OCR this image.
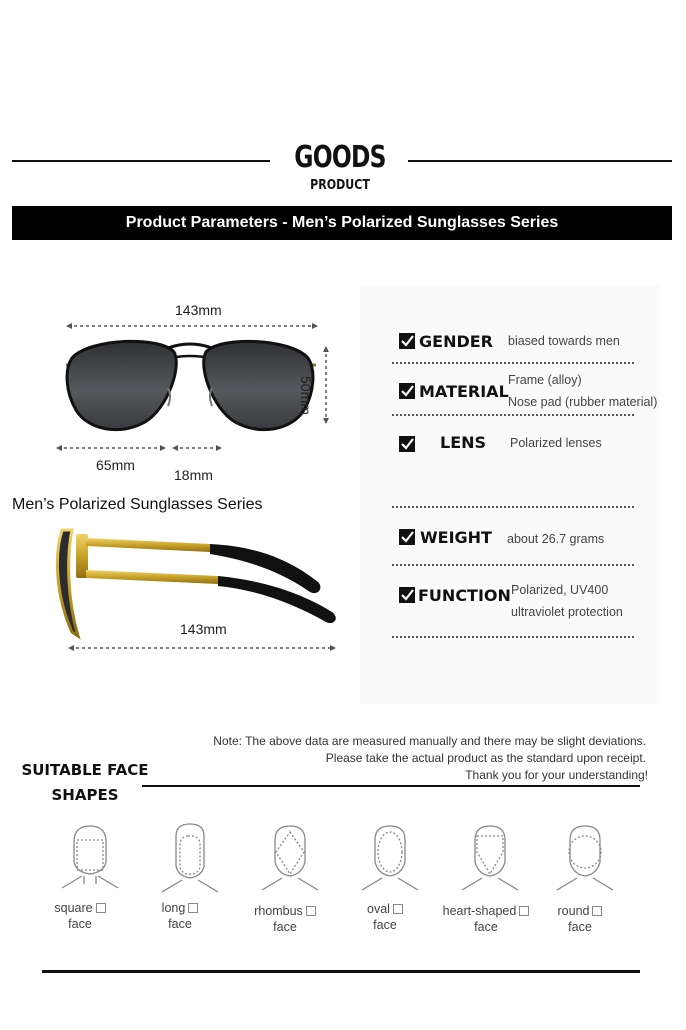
GOODS
PRODUCT
Product Parameters - Men’s Polarized Sunglasses Series
143mm
50mm
65mm
18mm
Men’s Polarized Sunglasses Series
143mm
GENDER biased towards men
MATERIAL
Frame (alloy)
Nose pad (rubber material)
LENS Polarized lenses
WEIGHT about 26.7 grams
FUNCTION Polarized, UV400
ultraviolet protection
Note: The above data are measured manually and there may be slight deviations.
Please take the actual product as the standard upon receipt.
Thank you for your understanding!
SUITABLE FACE
SHAPES
square
face
long
face
rhombus
face
oval
face
heart-shaped
face
round
face
